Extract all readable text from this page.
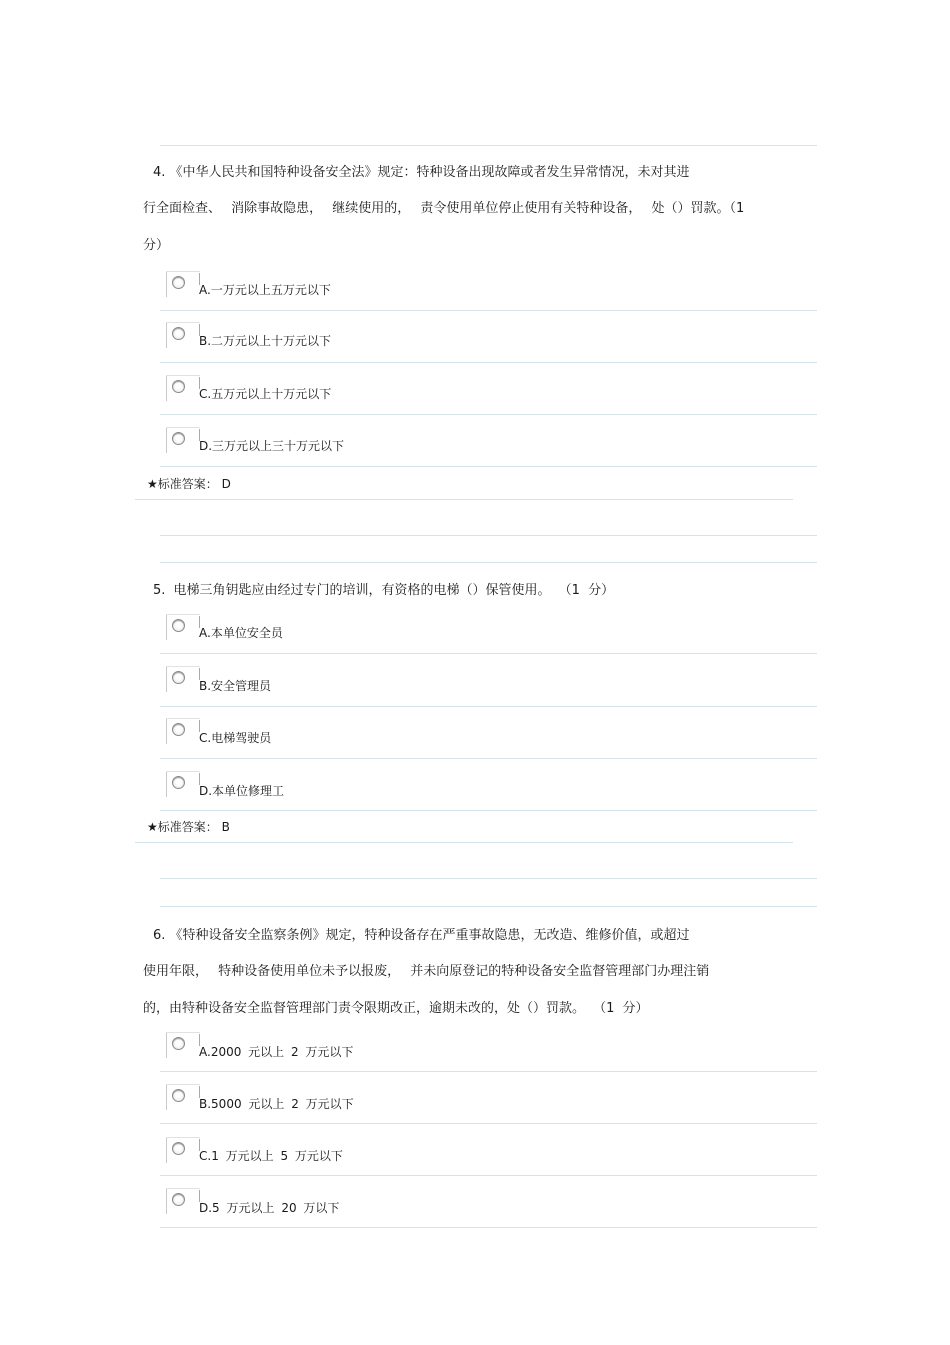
4. 《中华人民共和国特种设备安全法》规定：特种设备出现故障或者发生异常情况，未对其进
行全面检查、 消除事故隐患， 继续使用的， 责令使用单位停止使用有关特种设备， 处（）罚款。（1
分）
A.一万元以上五万元以下
B.二万元以上十万元以下
C.五万元以上十万元以下
D.三万元以上三十万元以下
★标准答案： D
5. 电梯三角钥匙应由经过专门的培训，有资格的电梯（）保管使用。 （1 分）
A.本单位安全员
B.安全管理员
C.电梯驾驶员
D.本单位修理工
★标准答案： B
6. 《特种设备安全监察条例》规定，特种设备存在严重事故隐患，无改造、维修价值，或超过
使用年限， 特种设备使用单位未予以报废， 并未向原登记的特种设备安全监督管理部门办理注销
的，由特种设备安全监督管理部门责令限期改正，逾期未改的，处（）罚款。 （1 分）
A.2000 元以上 2 万元以下
B.5000 元以上 2 万元以下
C.1 万元以上 5 万元以下
D.5 万元以上 20 万以下
